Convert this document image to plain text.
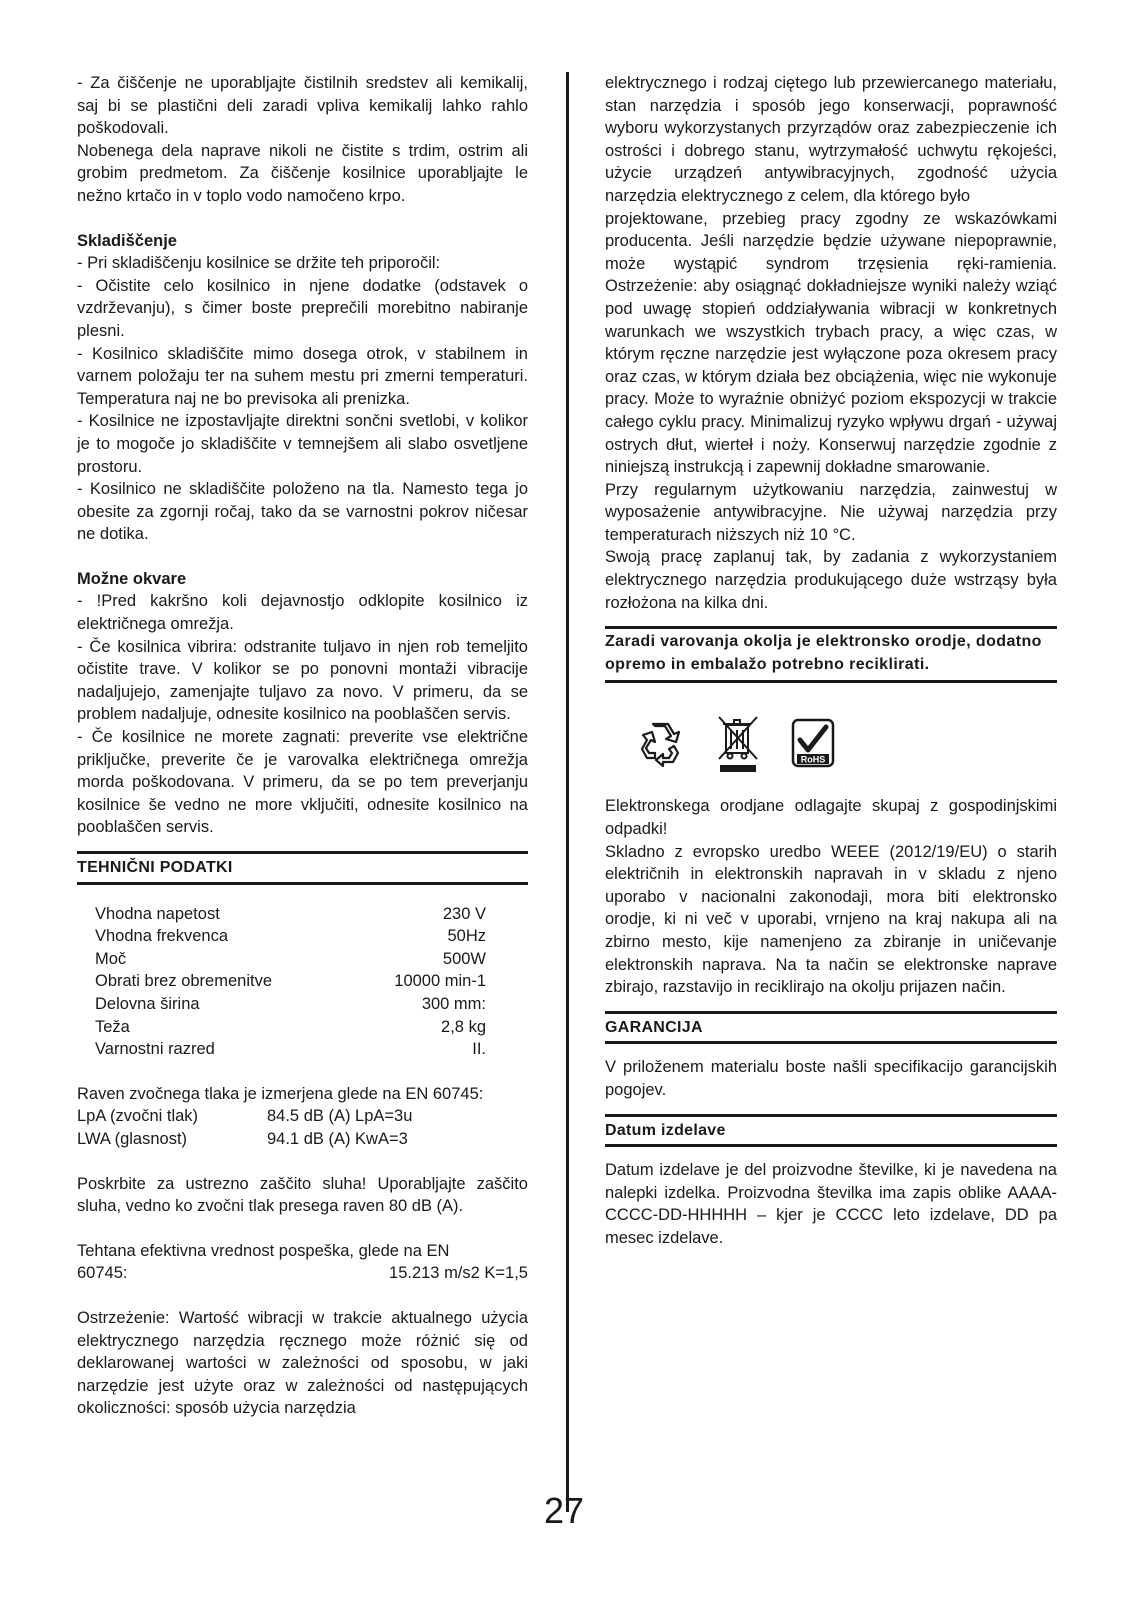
- Za čiščenje ne uporabljajte čistilnih sredstev ali kemikalij, saj bi se plastični deli zaradi vpliva kemikalij lahko rahlo poškodovali.

Nobenega dela naprave nikoli ne čistite s trdim, ostrim ali grobim predmetom. Za čiščenje kosilnice uporabljajte le nežno krtačo in v toplo vodo namočeno krpo.

Skladiščenje

- Pri skladiščenju kosilnice se držite teh priporočil:

- Očistite celo kosilnico in njene dodatke (odstavek o vzdrževanju), s čimer boste preprečili morebitno nabiranje plesni.

- Kosilnico skladiščite mimo dosega otrok, v stabilnem in varnem položaju ter na suhem mestu pri zmerni temperaturi. Temperatura naj ne bo previsoka ali prenizka.

- Kosilnice ne izpostavljajte direktni sončni svetlobi, v kolikor je to mogoče jo skladiščite v temnejšem ali slabo osvetljene prostoru.

- Kosilnico ne skladiščite položeno na tla. Namesto tega jo obesite za zgornji ročaj, tako da se varnostni pokrov ničesar ne dotika.

Možne okvare

- !Pred kakršno koli dejavnostjo odklopite kosilnico iz električnega omrežja.

- Če kosilnica vibrira: odstranite tuljavo in njen rob temeljito očistite trave. V kolikor se po ponovni montaži vibracije nadaljujejo, zamenjajte tuljavo za novo. V primeru, da se problem nadaljuje, odnesite kosilnico na pooblaščen servis.

- Če kosilnice ne morete zagnati: preverite vse električne priključke, preverite če je varovalka električnega omrežja morda poškodovana. V primeru, da se po tem preverjanju kosilnice še vedno ne more vključiti, odnesite kosilnico na pooblaščen servis.

TEHNIČNI PODATKI

Vhodna napetost	230 V
Vhodna frekvenca	50Hz
Moč	500W
Obrati brez obremenitve	10000 min-1
Delovna širina	300 mm:
Teža	2,8 kg
Varnostni razred	II.

Raven zvočnega tlaka je izmerjena glede na EN 60745:

LpA (zvočni tlak)	84.5 dB (A) LpA=3u
LWA (glasnost)	94.1 dB (A) KwA=3

Poskrbite za ustrezno zaščito sluha! Uporabljajte zaščito sluha, vedno ko zvočni tlak presega raven 80 dB (A).

Tehtana efektivna vrednost pospeška, glede na EN

60745:	15.213 m/s2 K=1,5

Ostrzeżenie: Wartość wibracji w trakcie aktualnego użycia elektrycznego narzędzia ręcznego może różnić się od deklarowanej wartości w zależności od sposobu, w jaki narzędzie jest użyte oraz w zależności od następujących okoliczności: sposób użycia narzędzia

elektrycznego i rodzaj ciętego lub przewiercanego materiału, stan narzędzia i sposób jego konserwacji, poprawność wyboru wykorzystanych przyrządów oraz zabezpieczenie ich ostrości i dobrego stanu, wytrzymałość uchwytu rękojeści, użycie urządzeń antywibracyjnych, zgodność użycia narzędzia elektrycznego z celem, dla którego było

projektowane, przebieg pracy zgodny ze wskazówkami producenta. Jeśli narzędzie będzie używane niepoprawnie, może wystąpić syndrom trzęsienia ręki-ramienia. Ostrzeżenie: aby osiągnąć dokładniejsze wyniki należy wziąć pod uwagę stopień oddziaływania wibracji w konkretnych warunkach we wszystkich trybach pracy, a więc czas, w którym ręczne narzędzie jest wyłączone poza okresem pracy oraz czas, w którym działa bez obciążenia, więc nie wykonuje pracy. Może to wyraźnie obniżyć poziom ekspozycji w trakcie całego cyklu pracy. Minimalizuj ryzyko wpływu drgań - używaj ostrych dłut, wierteł i noży. Konserwuj narzędzie zgodnie z niniejszą instrukcją i zapewnij dokładne smarowanie.

Przy regularnym użytkowaniu narzędzia, zainwestuj w wyposażenie antywibracyjne. Nie używaj narzędzia przy temperaturach niższych niż 10 °C.

Swoją pracę zaplanuj tak, by zadania z wykorzystaniem elektrycznego narzędzia produkującego duże wstrząsy była rozłożona na kilka dni.

Zaradi varovanja okolja je elektronsko orodje, dodatno opremo in embalažo potrebno reciklirati.

RoHS

Elektronskega orodjane odlagajte skupaj z gospodinjskimi odpadki!

Skladno z evropsko uredbo WEEE (2012/19/EU) o starih električnih in elektronskih napravah in v skladu z njeno uporabo v nacionalni zakonodaji, mora biti elektronsko orodje, ki ni več v uporabi, vrnjeno na kraj nakupa ali na zbirno mesto, kije namenjeno za zbiranje in uničevanje elektronskih naprava. Na ta način se elektronske naprave zbirajo, razstavijo in reciklirajo na okolju prijazen način.

GARANCIJA

V priloženem materialu boste našli specifikacijo garancijskih pogojev.

Datum izdelave

Datum izdelave je del proizvodne številke, ki je navedena na nalepki izdelka. Proizvodna številka ima zapis oblike AAAA-CCCC-DD-HHHHH – kjer je CCCC leto izdelave, DD pa mesec izdelave.

27
